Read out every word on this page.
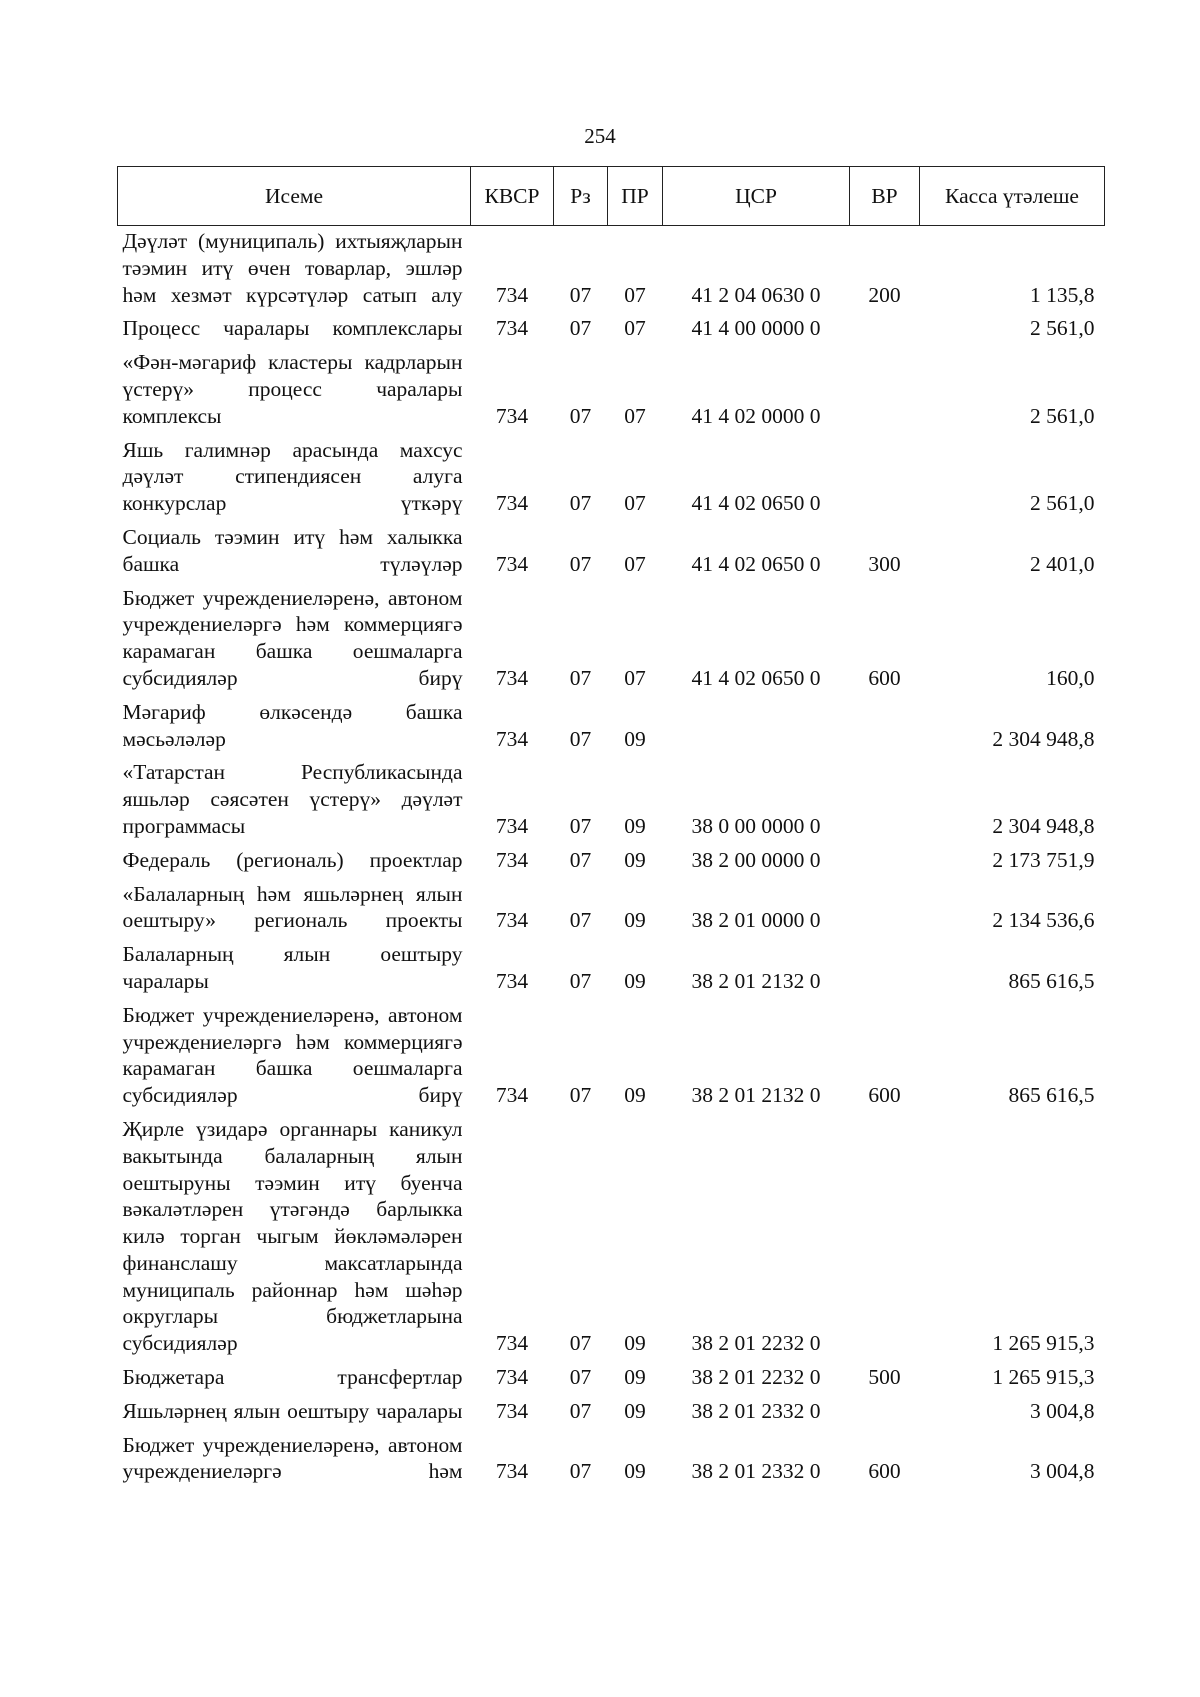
254
Исеме	КВСР	Рз	ПР	ЦСР	ВР	Касса үтәлеше
Дәүләт (муниципаль) ихтыяҗларын тәэмин итү өчен товарлар, эшләр һәм хезмәт күрсәтүләр сатып алу	734	07	07	41 2 04 0630 0	200	1 135,8
Процесс чаралары комплекслары	734	07	07	41 4 00 0000 0		2 561,0
«Фән-мәгариф кластеры кадрларын үстерү» процесс чаралары комплексы	734	07	07	41 4 02 0000 0		2 561,0
Яшь галимнәр арасында махсус дәүләт стипендиясен алуга конкурслар үткәрү	734	07	07	41 4 02 0650 0		2 561,0
Социаль тәэмин итү һәм халыкка башка түләүләр	734	07	07	41 4 02 0650 0	300	2 401,0
Бюджет учреждениеләренә, автоном учреждениеләргә һәм коммерциягә карамаган башка оешмаларга субсидияләр бирү	734	07	07	41 4 02 0650 0	600	160,0
Мәгариф өлкәсендә башка мәсьәләләр	734	07	09			2 304 948,8
«Татарстан Республикасында яшьләр сәясәтен үстерү» дәүләт программасы	734	07	09	38 0 00 0000 0		2 304 948,8
Федераль (региональ) проектлар	734	07	09	38 2 00 0000 0		2 173 751,9
«Балаларның һәм яшьләрнең ялын оештыру» региональ проекты	734	07	09	38 2 01 0000 0		2 134 536,6
Балаларның ялын оештыру чаралары	734	07	09	38 2 01 2132 0		865 616,5
Бюджет учреждениеләренә, автоном учреждениеләргә һәм коммерциягә карамаган башка оешмаларга субсидияләр бирү	734	07	09	38 2 01 2132 0	600	865 616,5
Җирле үзидарә органнары каникул вакытында балаларның ялын оештыруны тәэмин итү буенча вәкаләтләрен үтәгәндә барлыкка килә торган чыгым йөкләмәләрен финанслашу максатларында муниципаль районнар һәм шәһәр округлары бюджетларына субсидияләр	734	07	09	38 2 01 2232 0		1 265 915,3
Бюджетара трансфертлар	734	07	09	38 2 01 2232 0	500	1 265 915,3
Яшьләрнең ялын оештыру чаралары	734	07	09	38 2 01 2332 0		3 004,8
Бюджет учреждениеләренә, автоном учреждениеләргә һәм	734	07	09	38 2 01 2332 0	600	3 004,8
